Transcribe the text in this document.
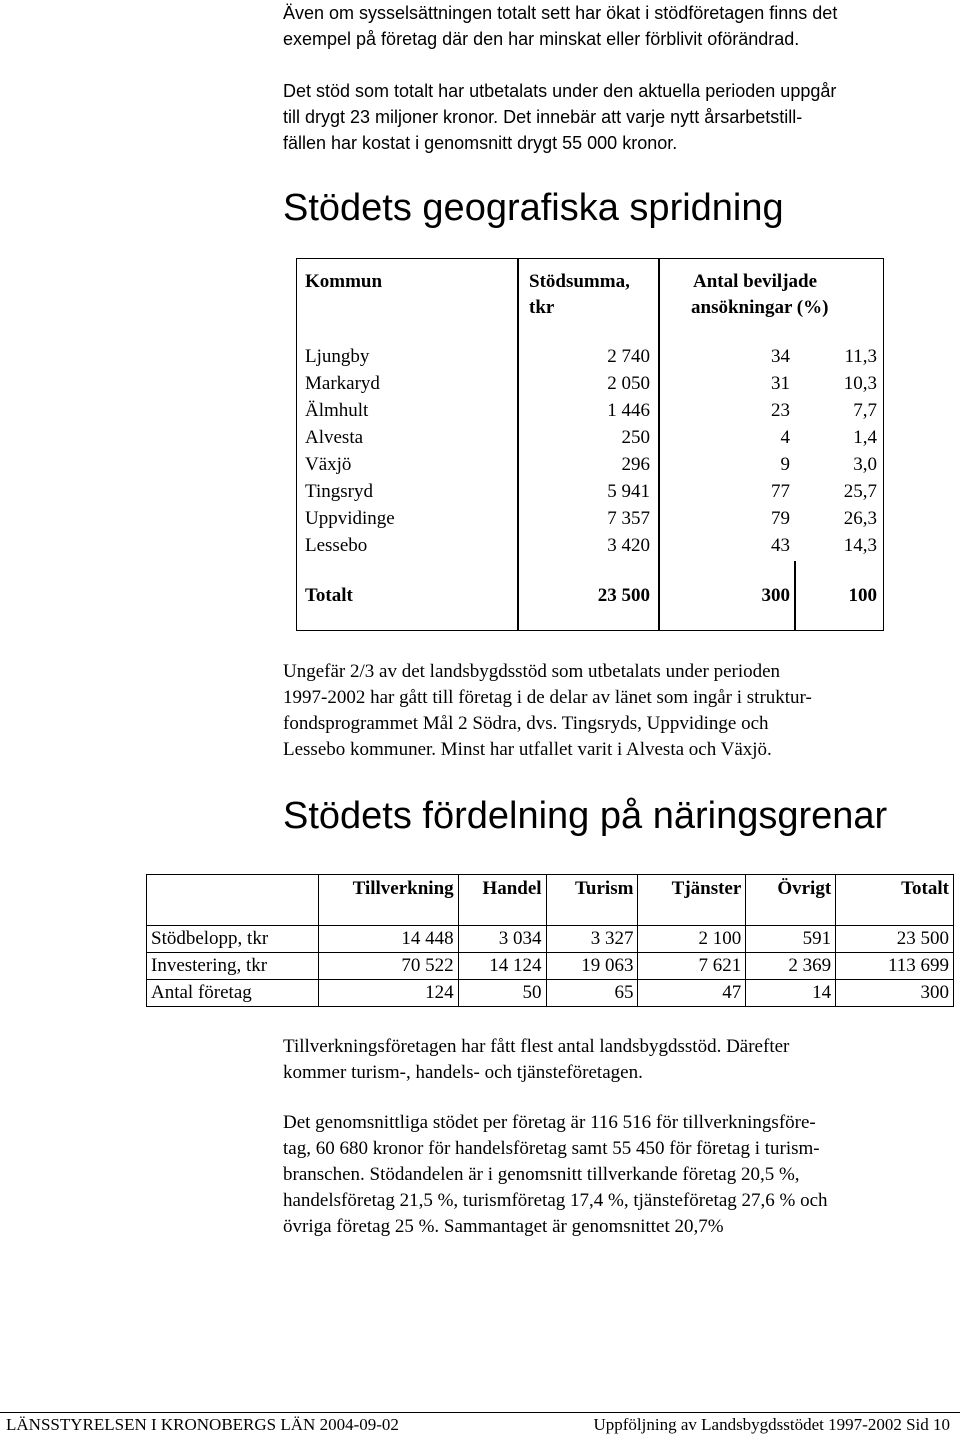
Även om sysselsättningen totalt sett har ökat i stödföretagen finns det
exempel på företag där den har minskat eller förblivit oförändrad.
Det stöd som totalt har utbetalats under den aktuella perioden uppgår
till drygt 23 miljoner kronor. Det innebär att varje nytt årsarbetstill-
fällen har kostat i genomsnitt drygt 55 000 kronor.
Stödets geografiska spridning
Kommun	Stödsumma,
tkr
Antal beviljade
ansökningar (%)
Ljungby	2 740	34	11,3
Markaryd	2 050	31	10,3
Älmhult	1 446	23	7,7
Alvesta	250	4	1,4
Växjö	296	9	3,0
Tingsryd	5 941	77	25,7
Uppvidinge	7 357	79	26,3
Lessebo	3 420	43	14,3
Totalt	23 500	300	100
Ungefär 2/3 av det landsbygdsstöd som utbetalats under perioden
1997-2002 har gått till företag i de delar av länet som ingår i struktur-
fondsprogrammet Mål 2 Södra, dvs. Tingsryds, Uppvidinge och
Lessebo kommuner. Minst har utfallet varit i Alvesta och Växjö.
Stödets fördelning på näringsgrenar
	Tillverkning	Handel	Turism	Tjänster	Övrigt	Totalt

Stödbelopp, tkr	14 448	3 034	3 327	2 100	591	23 500
Investering, tkr	70 522	14 124	19 063	7 621	2 369	113 699
Antal företag	124	50	65	47	14	300
Tillverkningsföretagen har fått flest antal landsbygdsstöd. Därefter
kommer turism-, handels- och tjänsteföretagen.
Det genomsnittliga stödet per företag är 116 516 för tillverkningsföre-
tag, 60 680 kronor för handelsföretag samt 55 450 för företag i turism-
branschen. Stödandelen är i genomsnitt tillverkande företag 20,5 %,
handelsföretag 21,5 %, turismföretag 17,4 %, tjänsteföretag 27,6 % och
övriga företag 25 %. Sammantaget är genomsnittet 20,7%
LÄNSSTYRELSEN I KRONOBERGS LÄN 2004-09-02	Uppföljning av Landsbygdsstödet 1997-2002 Sid 10
